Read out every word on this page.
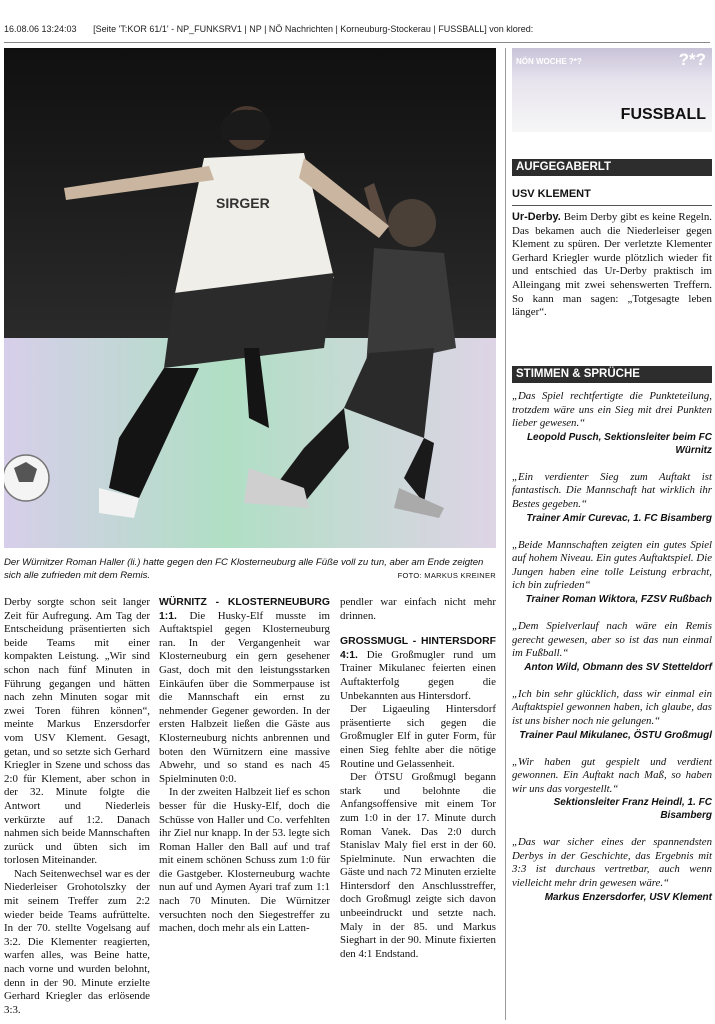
16.08.06 13:24:03 [Seite 'T:KOR 61/1' - NP_FUNKSRV1 | NP | NÖ Nachrichten | Korneuburg-Stockerau | FUSSBALL] von klored:
SIRGER
Der Würnitzer Roman Haller (li.) hatte gegen den FC Klosterneuburg alle Füße voll zu tun, aber am Ende zeigten sich alle zufrieden mit dem Remis.	FOTO: MARKUS KREINER

Derby sorgte schon seit langer Zeit für Aufregung. Am Tag der Entscheidung präsentierten sich beide Teams mit einer kompakten Leistung. „Wir sind schon nach fünf Minuten in Führung gegangen und hätten nach zehn Minuten sogar mit zwei Toren führen können“, meinte Markus Enzersdorfer vom USV Klement. Gesagt, getan, und so setzte sich Gerhard Kriegler in Szene und schoss das 2:0 für Klement, aber schon in der 32. Minute folgte die Antwort und Niederleis verkürzte auf 1:2. Danach nahmen sich beide Mannschaften zurück und übten sich im torlosen Miteinander.

Nach Seitenwechsel war es der Niederleiser Grohotolszky der mit seinem Treffer zum 2:2 wieder beide Teams aufrüttelte. In der 70. stellte Vogelsang auf 3:2. Die Klementer reagierten, warfen alles, was Beine hatte, nach vorne und wurden belohnt, denn in der 90. Minute erzielte Gerhard Kriegler das erlösende 3:3.

WÜRNITZ - KLOSTERNEUBURG 1:1. Die Husky-Elf musste im Auftaktspiel gegen Klosterneuburg ran. In der Vergangenheit war Klosterneuburg ein gern gesehener Gast, doch mit den leistungsstarken Einkäufen über die Sommerpause ist die Mannschaft ein ernst zu nehmender Gegener geworden. In der ersten Halbzeit ließen die Gäste aus Klosterneuburg nichts anbrennen und boten den Würnitzern eine massive Abwehr, und so stand es nach 45 Spielminuten 0:0.

In der zweiten Halbzeit lief es schon besser für die Husky-Elf, doch die Schüsse von Haller und Co. verfehlten ihr Ziel nur knapp. In der 53. legte sich Roman Haller den Ball auf und traf mit einem schönen Schuss zum 1:0 für die Gastgeber. Klosterneuburg wachte nun auf und Aymen Ayari traf zum 1:1 nach 70 Minuten. Die Würnitzer versuchten noch den Siegestreffer zu machen, doch mehr als ein Latten-

pendler war einfach nicht mehr drinnen.

GROSSMUGL - HINTERSDORF 4:1. Die Großmugler rund um Trainer Mikulanec feierten einen Auftakterfolg gegen die Unbekannten aus Hintersdorf.

Der Ligaeuling Hintersdorf präsentierte sich gegen die Großmugler Elf in guter Form, für einen Sieg fehlte aber die nötige Routine und Gelassenheit.

Der ÖTSU Großmugl begann stark und belohnte die Anfangsoffensive mit einem Tor zum 1:0 in der 17. Minute durch Roman Vanek. Das 2:0 durch Stanislav Maly fiel erst in der 60. Spielminute. Nun erwachten die Gäste und nach 72 Minuten erzielte Hintersdorf den Anschlusstreffer, doch Großmugl zeigte sich davon unbeeindruckt und setzte nach. Maly in der 85. und Markus Sieghart in der 90. Minute fixierten den 4:1 Endstand.

NÖN WOCHE ?*?	?*?
FUSSBALL
AUFGEGABERLT
USV KLEMENT
Ur-Derby. Beim Derby gibt es keine Regeln. Das bekamen auch die Niederleiser gegen Klement zu spüren. Der verletzte Klementer Gerhard Kriegler wurde plötzlich wieder fit und entschied das Ur-Derby praktisch im Alleingang mit zwei sehenswerten Treffern. So kann man sagen: „Totgesagte leben länger“.
STIMMEN & SPRÜCHE
„Das Spiel rechtfertigte die Punkteteilung, trotzdem wäre uns ein Sieg mit drei Punkten lieber gewesen.“
Leopold Pusch, Sektionsleiter beim FC Würnitz
„Ein verdienter Sieg zum Auftakt ist fantastisch. Die Mannschaft hat wirklich ihr Bestes gegeben.“
Trainer Amir Curevac, 1. FC Bisamberg
„Beide Mannschaften zeigten ein gutes Spiel auf hohem Niveau. Ein gutes Auftaktspiel. Die Jungen haben eine tolle Leistung erbracht, ich bin zufrieden“
Trainer Roman Wiktora, FZSV Rußbach
„Dem Spielverlauf nach wäre ein Remis gerecht gewesen, aber so ist das nun einmal im Fußball.“
Anton Wild, Obmann des SV Stetteldorf
„Ich bin sehr glücklich, dass wir einmal ein Auftaktspiel gewonnen haben, ich glaube, das ist uns bisher noch nie gelungen.“
Trainer Paul Mikulanec, ÖSTU Großmugl
„Wir haben gut gespielt und verdient gewonnen. Ein Auftakt nach Maß, so haben wir uns das vorgestellt.“
Sektionsleiter Franz Heindl, 1. FC Bisamberg
„Das war sicher eines der spannendsten Derbys in der Geschichte, das Ergebnis mit 3:3 ist durchaus vertretbar, auch wenn vielleicht mehr drin gewesen wäre.“
Markus Enzersdorfer, USV Klement
